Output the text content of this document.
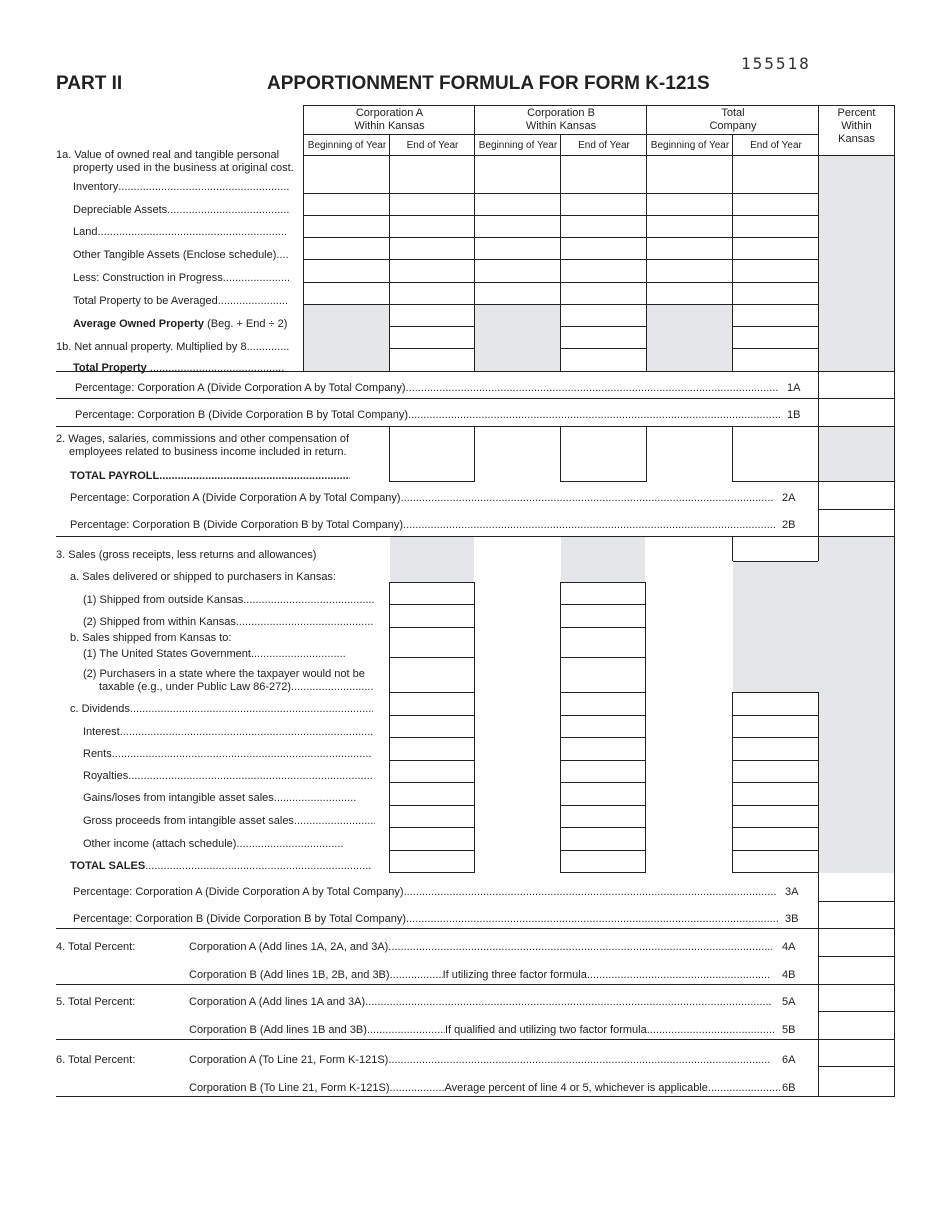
155518
PART II	APPORTIONMENT FORMULA FOR FORM K-121S
Corporation A
Within Kansas
Corporation B
Within Kansas
Total
Company
Percent
Within
Kansas
Beginning of Year	End of Year	Beginning of Year	End of Year	Beginning of Year	End of Year
1a. Value of owned real and tangible personal
property used in the business at original cost.
Inventory.....
Depreciable Assets.....
Land.....
Other Tangible Assets (Enclose schedule)....
Less: Construction in Progress.....
Total Property to be Averaged.....
Average Owned Property (Beg. + End ÷ 2)
1b. Net annual property. Multiplied by 8..............
Total Property .....
Percentage: Corporation A (Divide Corporation A by Total Company) .....	1A
Percentage: Corporation B (Divide Corporation B by Total Company) .....	1B
2. Wages, salaries, commissions and other compensation of
employees related to business income included in return.
TOTAL PAYROLL.....
Percentage: Corporation A (Divide Corporation A by Total Company) .....	2A
Percentage: Corporation B (Divide Corporation B by Total Company) .....	2B
3. Sales (gross receipts, less returns and allowances)
a. Sales delivered or shipped to purchasers in Kansas:
(1) Shipped from outside Kansas.....
(2) Shipped from within Kansas.....
b. Sales shipped from Kansas to:
(1) The United States Government.....
(2) Purchasers in a state where the taxpayer would not be
taxable (e.g., under Public Law 86-272).....
c. Dividends.....
Interest.....
Rents.....
Royalties.....
Gains/loses from intangible asset sales.....
Gross proceeds from intangible asset sales.....
Other income (attach schedule).....
TOTAL SALES.....
Percentage: Corporation A (Divide Corporation A by Total Company) .....	3A
Percentage: Corporation B (Divide Corporation B by Total Company) .....	3B
4. Total Percent:	Corporation A (Add lines 1A, 2A, and 3A) .....	4A
Corporation B (Add lines 1B, 2B, and 3B) .....	If utilizing three factor formula .....	4B
5. Total Percent:	Corporation A (Add lines 1A and 3A) .....	5A
Corporation B (Add lines 1B and 3B) .....	If qualified and utilizing two factor formula .....	5B
6. Total Percent:	Corporation A (To Line 21, Form K-121S) .....	6A
Corporation B (To Line 21, Form K-121S) .....	Average percent of line 4 or 5, whichever is applicable .....	6B
